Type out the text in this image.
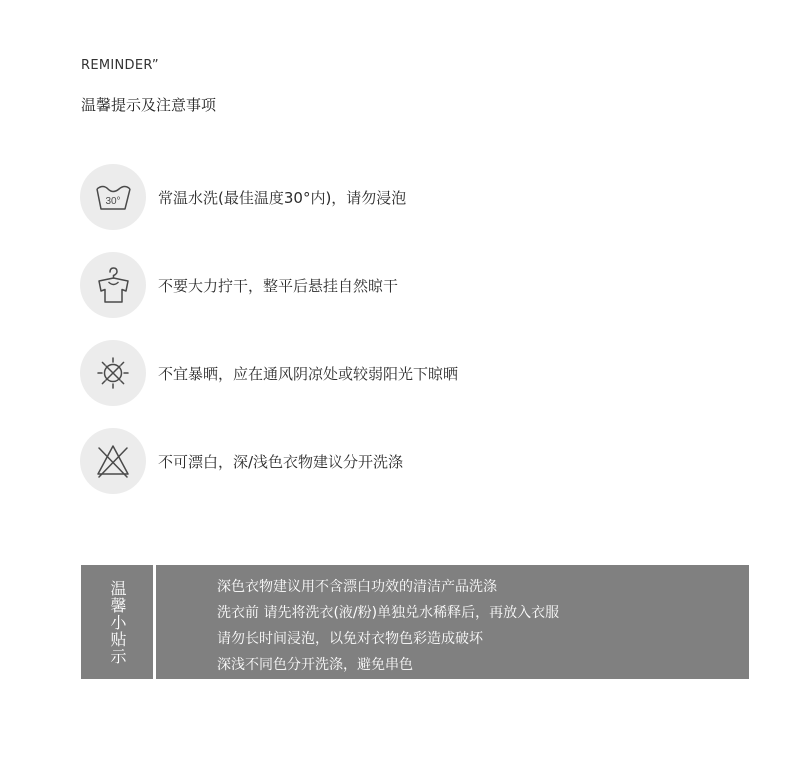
REMINDER”
温馨提示及注意事项
30° 常温水洗(最佳温度30°内)，请勿浸泡
不要大力拧干，整平后悬挂自然晾干
不宜暴晒，应在通风阴凉处或较弱阳光下晾晒
不可漂白，深/浅色衣物建议分开洗涤
温馨小贴示	深色衣物建议用不含漂白功效的清洁产品洗涤
洗衣前 请先将洗衣(液/粉)单独兑水稀释后，再放入衣服
请勿长时间浸泡，以免对衣物色彩造成破坏
深浅不同色分开洗涤，避免串色
